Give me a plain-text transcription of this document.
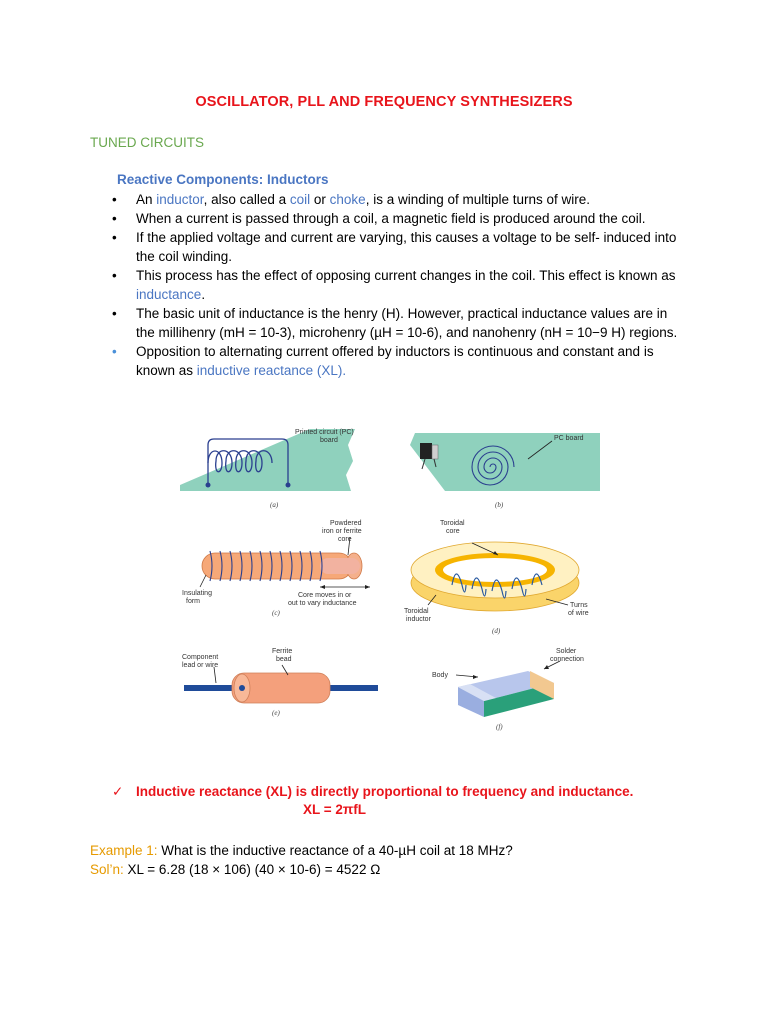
OSCILLATOR, PLL AND FREQUENCY SYNTHESIZERS
TUNED CIRCUITS
Reactive Components: Inductors
•	An inductor, also called a coil or choke, is a winding of multiple turns of wire.
•	When a current is passed through a coil, a magnetic field is produced around the coil.
•	If the applied voltage and current are varying, this causes a voltage to be self- induced into the coil winding.
•	This process has the effect of opposing current changes in the coil. This effect is known as inductance.
•	The basic unit of inductance is the henry (H). However, practical inductance values are in the millihenry (mH = 10-3), microhenry (µH = 10-6), and nanohenry (nH = 10−9 H) regions.
•	Opposition to alternating current offered by inductors is continuous and constant and is known as inductive reactance (XL).
Printed circuit (PC)
board
(a)
PC board
(b)
Powdered
iron or ferrite
core
Insulating
form
Core moves in or
out to vary inductance
(c)
Toroidal
core
Toroidal
inductor
Turns
of wire
(d)
Component
lead or wire
Ferrite
bead
(e)
Solder
connection
Body
(f)
✓ Inductive reactance (XL) is directly proportional to frequency and inductance.
XL = 2πfL
Example 1: What is the inductive reactance of a 40-µH coil at 18 MHz?
Sol’n: XL = 6.28 (18 × 106) (40 × 10-6) = 4522 Ω
